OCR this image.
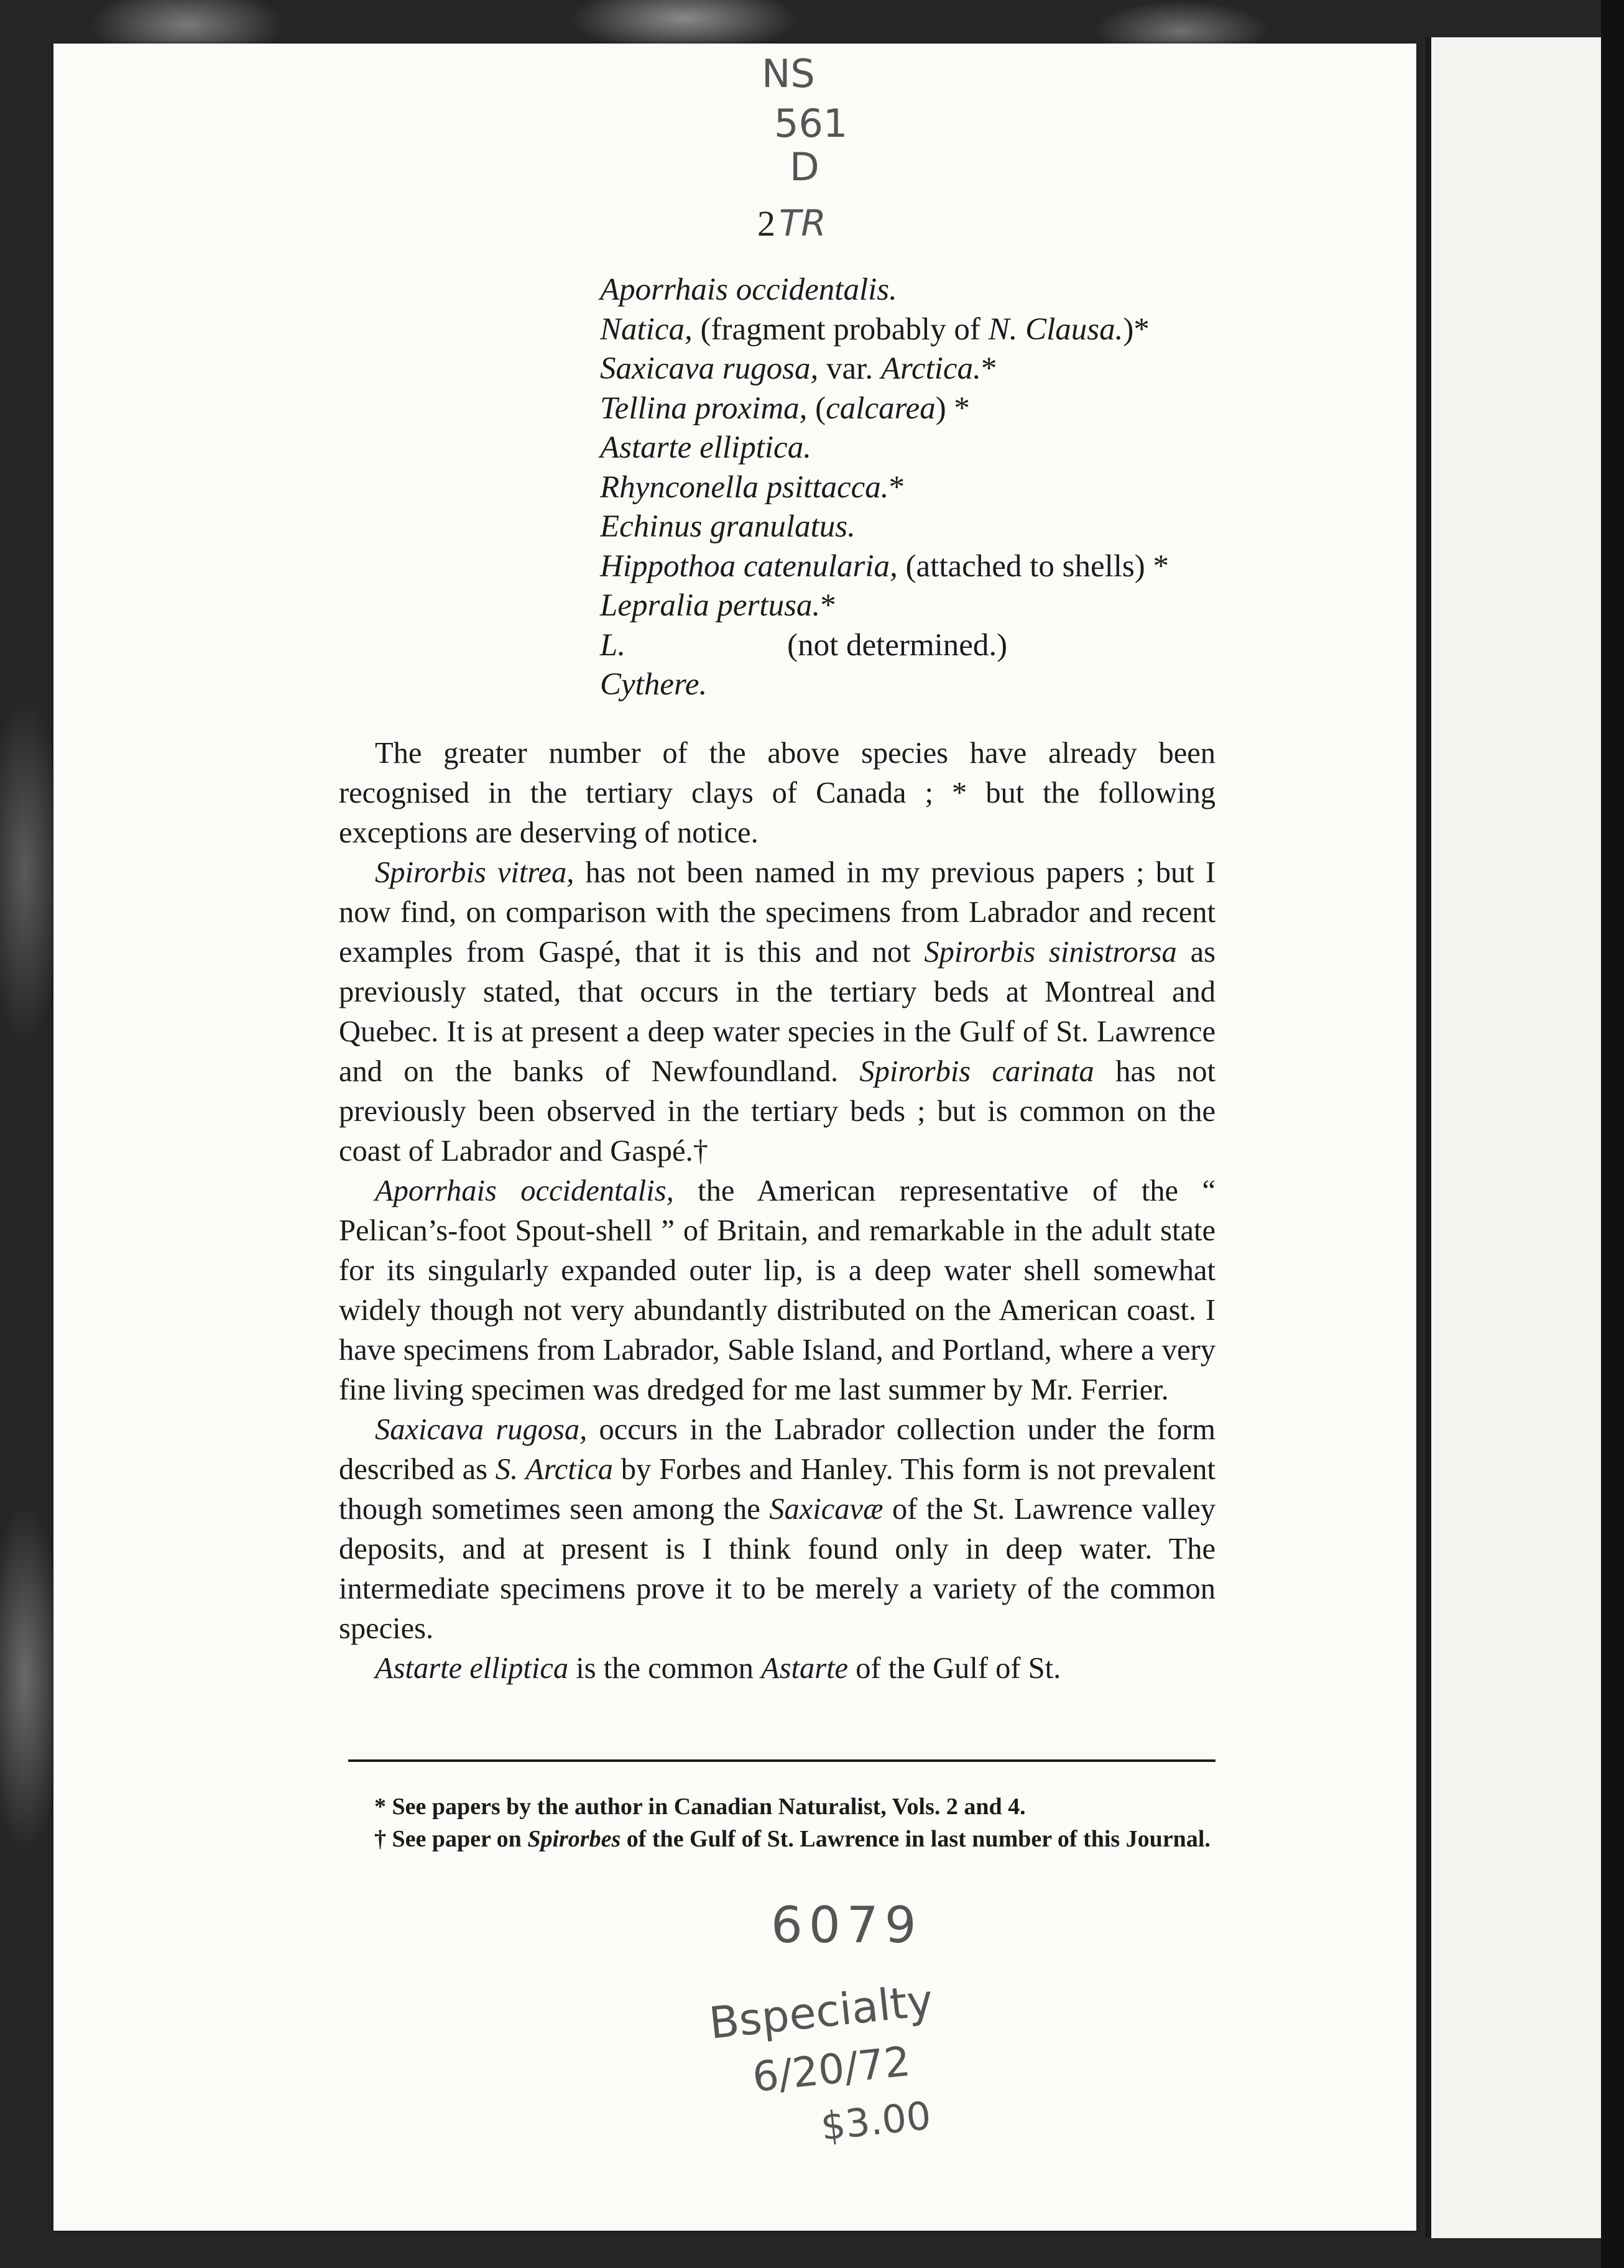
NS
561
D
2 TR
Aporrhais occidentalis.
Natica, (fragment probably of N. Clausa.)*
Saxicava rugosa, var. Arctica.*
Tellina proxima, (calcarea) *
Astarte elliptica.
Rhynconella psittacca.*
Echinus granulatus.
Hippothoa catenularia, (attached to shells) *
Lepralia pertusa.*
L.	(not determined.)
Cythere.

The greater number of the above species have already been recognised in the tertiary clays of Canada ; * but the following exceptions are deserving of notice.

Spirorbis vitrea, has not been named in my previous papers ; but I now find, on comparison with the specimens from Labrador and recent examples from Gaspé, that it is this and not Spirorbis sinistrorsa as previously stated, that occurs in the tertiary beds at Montreal and Quebec. It is at present a deep water species in the Gulf of St. Lawrence and on the banks of Newfoundland. Spirorbis carinata has not previously been observed in the tertiary beds ; but is common on the coast of Labrador and Gaspé.†

Aporrhais occidentalis, the American representative of the “ Pelican’s-foot Spout-shell ” of Britain, and remarkable in the adult state for its singularly expanded outer lip, is a deep water shell somewhat widely though not very abundantly distributed on the American coast. I have specimens from Labrador, Sable Island, and Portland, where a very fine living specimen was dredged for me last summer by Mr. Ferrier.

Saxicava rugosa, occurs in the Labrador collection under the form described as S. Arctica by Forbes and Hanley. This form is not prevalent though sometimes seen among the Saxicavæ of the St. Lawrence valley deposits, and at present is I think found only in deep water. The intermediate specimens prove it to be merely a variety of the common species.

Astarte elliptica is the common Astarte of the Gulf of St.

* See papers by the author in Canadian Naturalist, Vols. 2 and 4.

† See paper on Spirorbes of the Gulf of St. Lawrence in last number of this Journal.

6079
Bspecialty
6/20/72
$3.00
